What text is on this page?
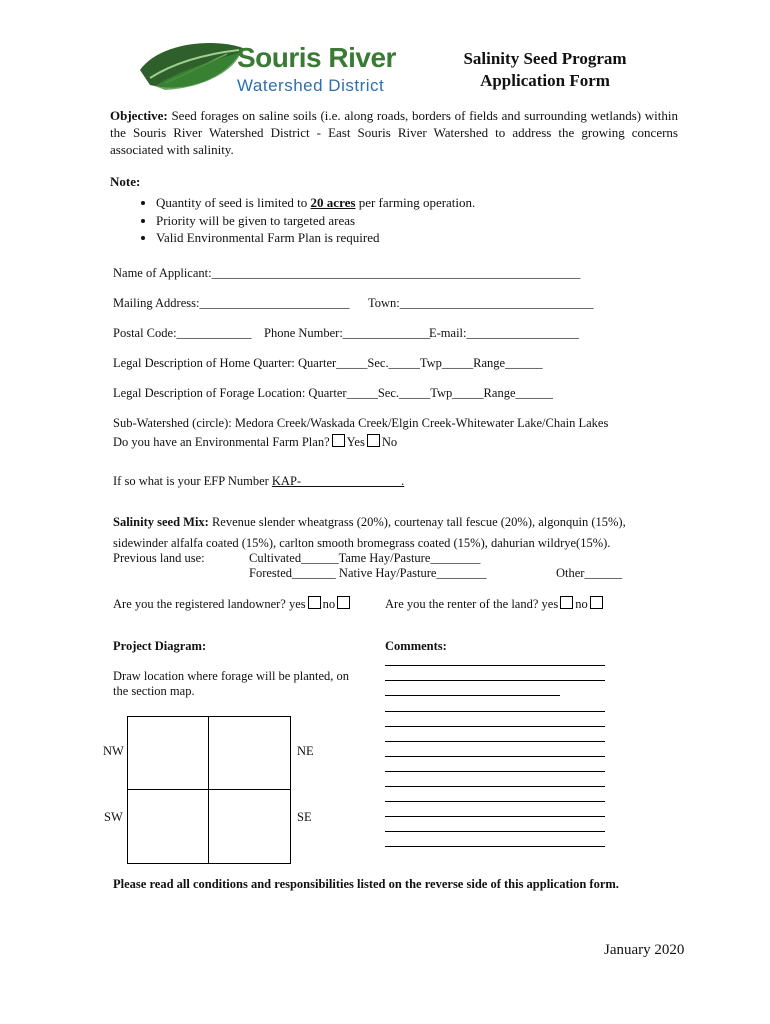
Souris River
Watershed District
Salinity Seed Program
Application Form
Objective: Seed forages on saline soils (i.e. along roads, borders of fields and surrounding wetlands) within the Souris River Watershed District - East Souris River Watershed to address the growing concerns associated with salinity.
Note:
• Quantity of seed is limited to 20 acres per farming operation.
• Priority will be given to targeted areas
• Valid Environmental Farm Plan is required
Name of Applicant:___________________________________________________________
Mailing Address:________________________ Town:_______________________________
Postal Code:____________ Phone Number:______________
E-mail:__________________
Legal Description of Home Quarter: Quarter_____Sec._____Twp_____Range______
Legal Description of Forage Location: Quarter_____Sec._____Twp_____Range______
Sub-Watershed (circle): Medora Creek/Waskada Creek/Elgin Creek-Whitewater Lake/Chain Lakes
Do you have an Environmental Farm Plan? Yes No
If so what is your EFP Number KAP-________________.
Salinity seed Mix: Revenue slender wheatgrass (20%), courtenay tall fescue (20%), algonquin (15%),
sidewinder alfalfa coated (15%), carlton smooth bromegrass coated (15%), dahurian wildrye(15%).
Previous land use:	Cultivated______Tame Hay/Pasture________
Forested_______ Native Hay/Pasture________	Other______
Are you the registered landowner? yes no	Are you the renter of the land? yes no
Project Diagram:
Draw location where forage will be planted, on
the section map.
NW	NE
SW	SE
Comments:
Please read all conditions and responsibilities listed on the reverse side of this application form.
January 2020
